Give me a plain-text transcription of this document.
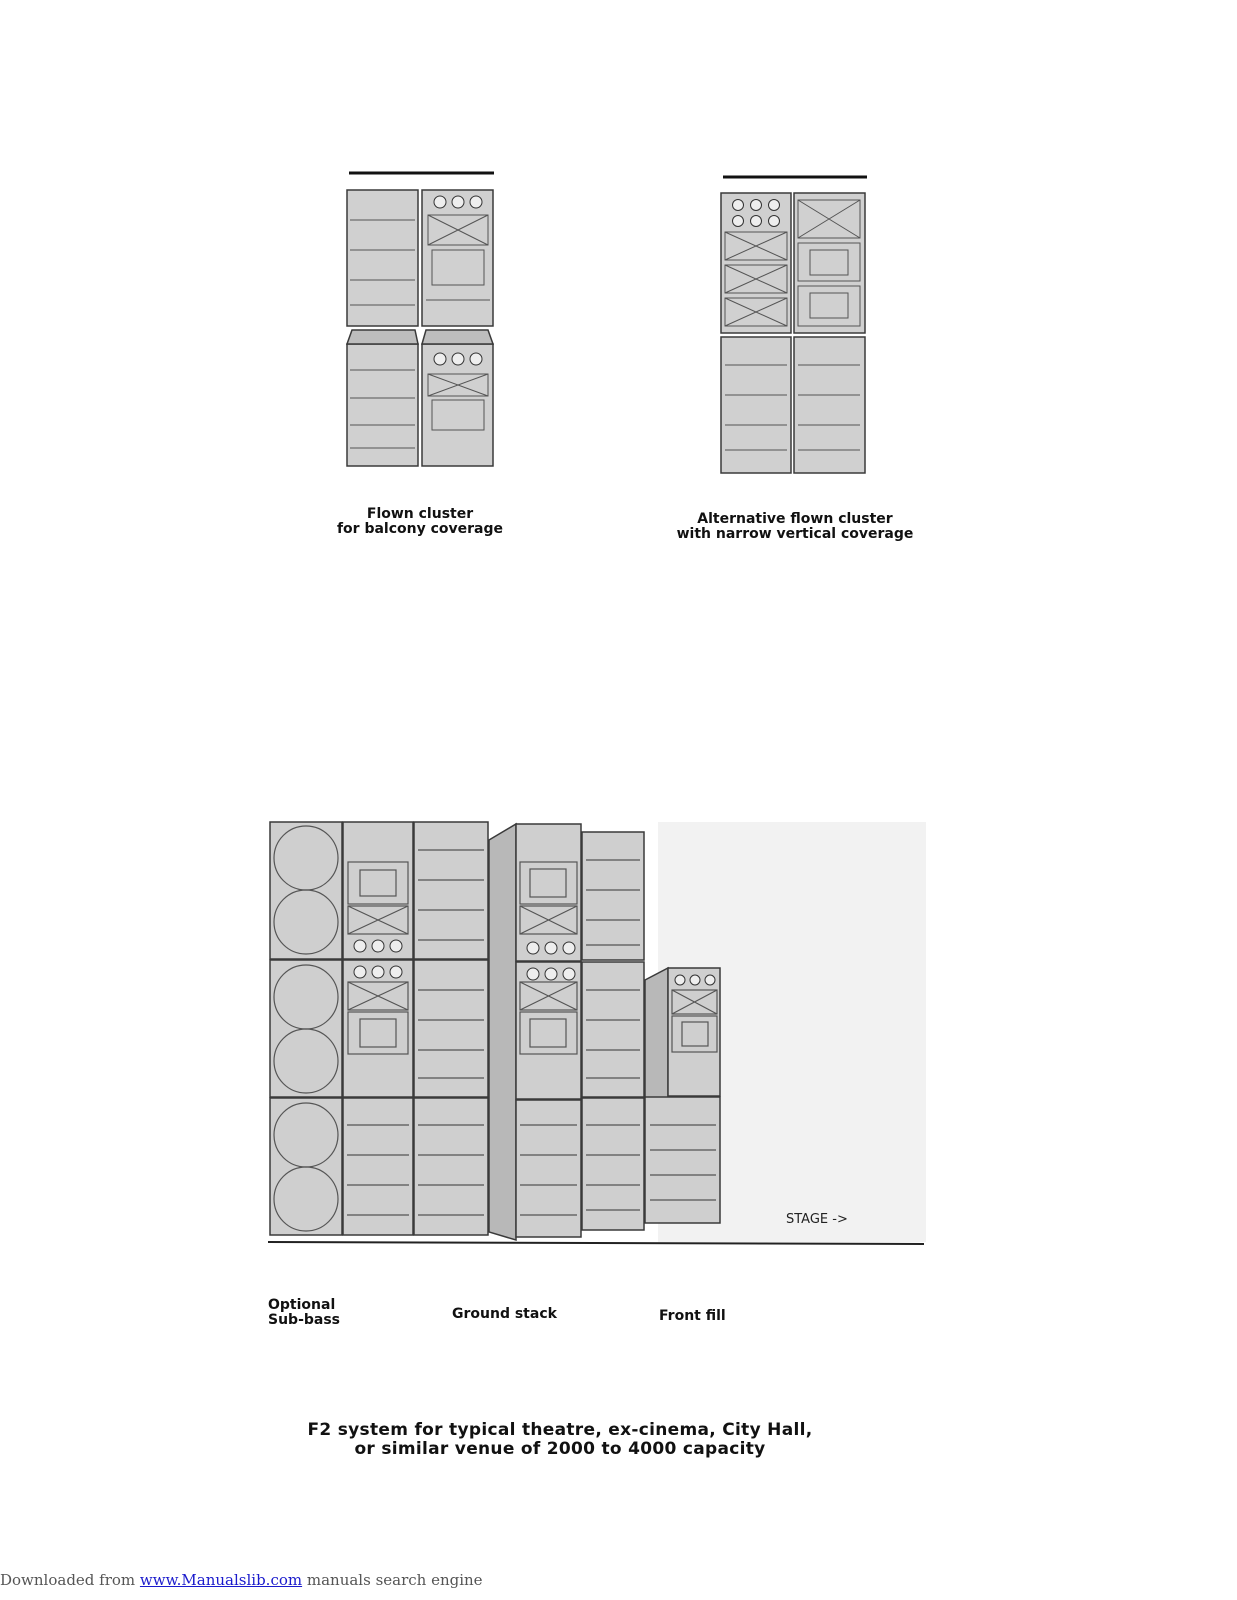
Flown cluster
for balcony coverage
Alternative flown cluster
with narrow vertical coverage
STAGE ->
Optional
Sub-bass	Ground stack	Front fill
F2 system for typical theatre, ex-cinema, City Hall,
or similar venue of 2000 to 4000 capacity
Downloaded from www.Manualslib.com manuals search engine
